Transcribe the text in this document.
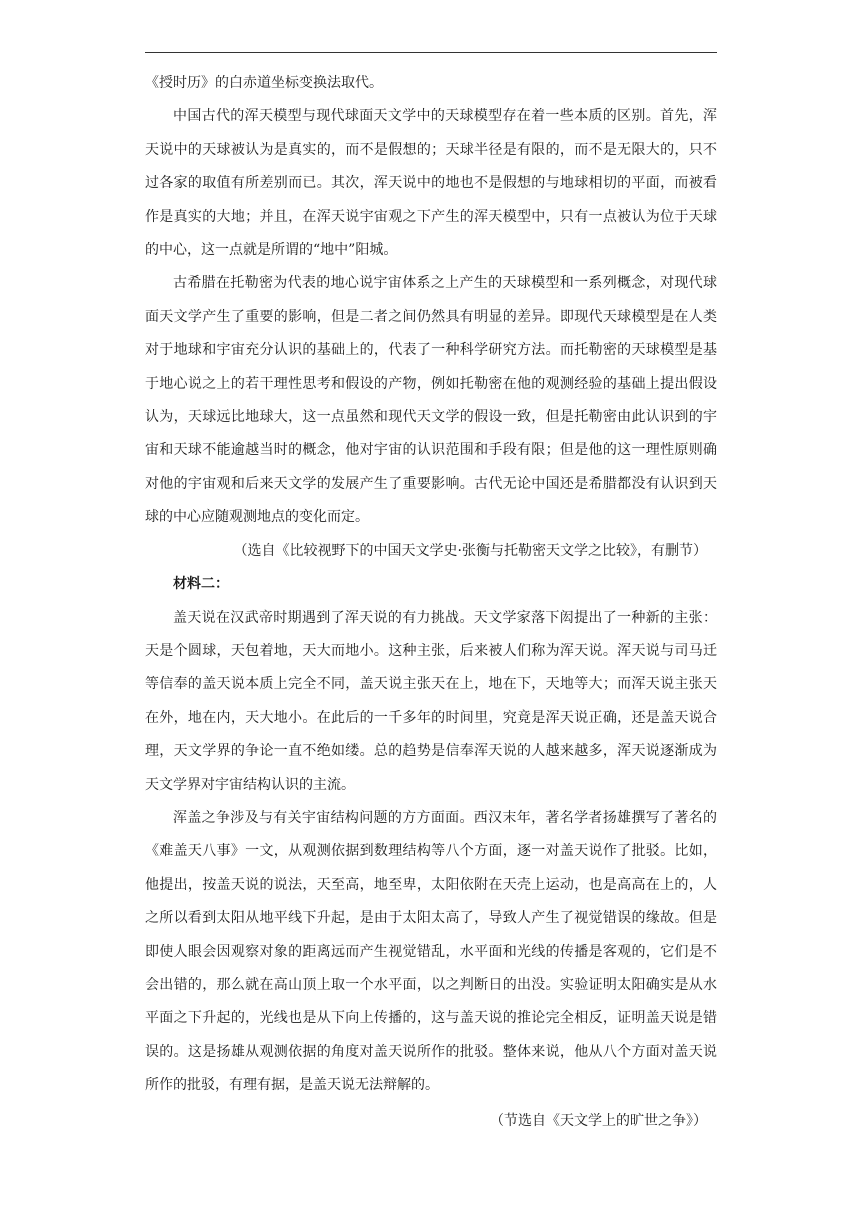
《授时历》的白赤道坐标变换法取代。

中国古代的浑天模型与现代球面天文学中的天球模型存在着一些本质的区别。首先，浑天说中的天球被认为是真实的，而不是假想的；天球半径是有限的，而不是无限大的，只不过各家的取值有所差别而已。其次，浑天说中的地也不是假想的与地球相切的平面，而被看作是真实的大地；并且，在浑天说宇宙观之下产生的浑天模型中，只有一点被认为位于天球的中心，这一点就是所谓的“地中”阳城。

古希腊在托勒密为代表的地心说宇宙体系之上产生的天球模型和一系列概念，对现代球面天文学产生了重要的影响，但是二者之间仍然具有明显的差异。即现代天球模型是在人类对于地球和宇宙充分认识的基础上的，代表了一种科学研究方法。而托勒密的天球模型是基于地心说之上的若干理性思考和假设的产物，例如托勒密在他的观测经验的基础上提出假设认为，天球远比地球大，这一点虽然和现代天文学的假设一致，但是托勒密由此认识到的宇宙和天球不能逾越当时的概念，他对宇宙的认识范围和手段有限；但是他的这一理性原则确对他的宇宙观和后来天文学的发展产生了重要影响。古代无论中国还是希腊都没有认识到天球的中心应随观测地点的变化而定。

（选自《比较视野下的中国天文学史·张衡与托勒密天文学之比较》，有删节）

材料二：

盖天说在汉武帝时期遇到了浑天说的有力挑战。天文学家落下闳提出了一种新的主张：天是个圆球，天包着地，天大而地小。这种主张，后来被人们称为浑天说。浑天说与司马迁等信奉的盖天说本质上完全不同，盖天说主张天在上，地在下，天地等大；而浑天说主张天在外，地在内，天大地小。在此后的一千多年的时间里，究竟是浑天说正确，还是盖天说合理，天文学界的争论一直不绝如缕。总的趋势是信奉浑天说的人越来越多，浑天说逐渐成为天文学界对宇宙结构认识的主流。

浑盖之争涉及与有关宇宙结构问题的方方面面。西汉末年，著名学者扬雄撰写了著名的《难盖天八事》一文，从观测依据到数理结构等八个方面，逐一对盖天说作了批驳。比如，他提出，按盖天说的说法，天至高，地至卑，太阳依附在天壳上运动，也是高高在上的，人之所以看到太阳从地平线下升起，是由于太阳太高了，导致人产生了视觉错误的缘故。但是即使人眼会因观察对象的距离远而产生视觉错乱，水平面和光线的传播是客观的，它们是不会出错的，那么就在高山顶上取一个水平面，以之判断日的出没。实验证明太阳确实是从水平面之下升起的，光线也是从下向上传播的，这与盖天说的推论完全相反，证明盖天说是错误的。这是扬雄从观测依据的角度对盖天说所作的批驳。整体来说，他从八个方面对盖天说所作的批驳，有理有据，是盖天说无法辩解的。

（节选自《天文学上的旷世之争》）
